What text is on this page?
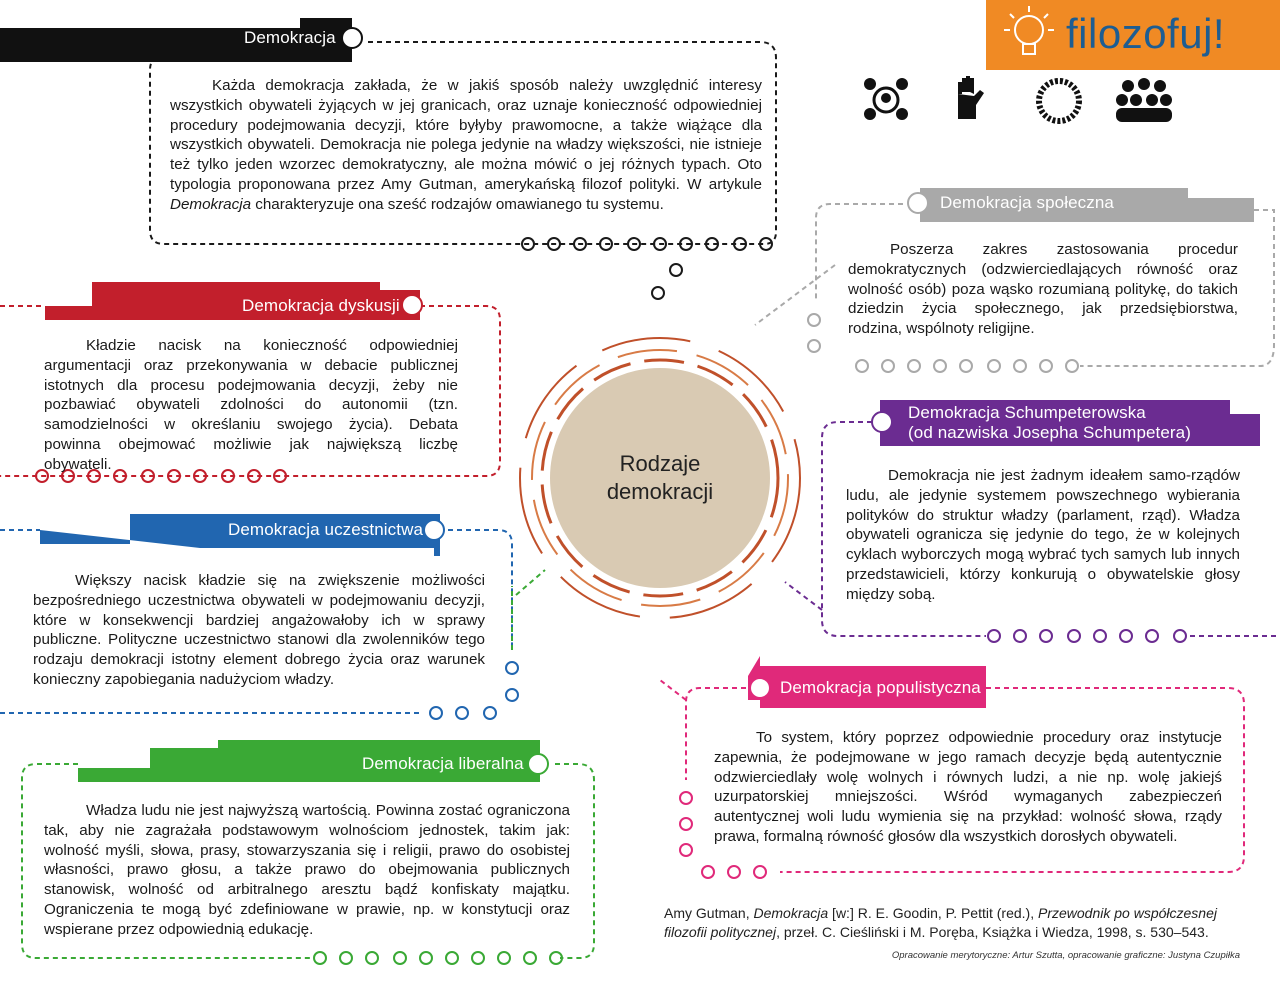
filozofuj!
Demokracja
Każda demokracja zakłada, że w jakiś sposób należy uwzględnić interesy wszystkich obywateli żyjących w jej granicach, oraz uznaje konieczność odpowiedniej procedury podejmowania decyzji, które byłyby prawomocne, a także wiążące dla wszystkich obywateli. Demokracja nie polega jedynie na władzy większości, nie istnieje też tylko jeden wzorzec demokratyczny, ale można mówić o jej różnych typach. Oto typologia proponowana przez Amy Gutman, amerykańską filozof polityki. W artykule Demokracja charakteryzuje ona sześć rodzajów omawianego tu systemu.
Demokracja dyskusji
Kładzie nacisk na konieczność odpowiedniej argumentacji oraz przekonywania w debacie publicznej istotnych dla procesu podejmowania decyzji, żeby nie pozbawiać obywateli zdolności do autonomii (tzn. samodzielności w określaniu swojego życia). Debata powinna obejmować możliwie jak największą liczbę obywateli.
Demokracja uczestnictwa
Większy nacisk kładzie się na zwiększenie możliwości bezpośredniego uczestnictwa obywateli w podejmowaniu decyzji, które w konsekwencji bardziej angażowałoby ich w sprawy publiczne. Polityczne uczestnictwo stanowi dla zwolenników tego rodzaju demokracji istotny element dobrego życia oraz warunek konieczny zapobiegania nadużyciom władzy.
Demokracja liberalna
Władza ludu nie jest najwyższą wartością. Powinna zostać ograniczona tak, aby nie zagrażała podstawowym wolnościom jednostek, takim jak: wolność myśli, słowa, prasy, stowarzyszania się i religii, prawo do osobistej własności, prawo głosu, a także prawo do obejmowania publicznych stanowisk, wolność od arbitralnego aresztu bądź konfiskaty majątku. Ograniczenia te mogą być zdefiniowane w prawie, np. w konstytucji oraz wspierane przez odpowiednią edukację.
Demokracja społeczna
Poszerza zakres zastosowania procedur demokratycznych (odzwierciedlających równość oraz wolność osób) poza wąsko rozumianą politykę, do takich dziedzin życia społecznego, jak przedsiębiorstwa, rodzina, wspólnoty religijne.
Demokracja Schumpeterowska
(od nazwiska Josepha Schumpetera)
Demokracja nie jest żadnym ideałem samo-rządów ludu, ale jedynie systemem powszechnego wybierania polityków do struktur władzy (parlament, rząd). Władza obywateli ogranicza się jedynie do tego, że w kolejnych cyklach wyborczych mogą wybrać tych samych lub innych przedstawicieli, którzy konkurują o obywatelskie głosy między sobą.
Demokracja populistyczna
To system, który poprzez odpowiednie procedury oraz instytucje zapewnia, że podejmowane w jego ramach decyzje będą autentycznie odzwierciedlały wolę wolnych i równych ludzi, a nie np. wolę jakiejś uzurpatorskiej mniejszości. Wśród wymaganych zabezpieczeń autentycznej woli ludu wymienia się na przykład: wolność słowa, rządy prawa, formalną równość głosów dla wszystkich dorosłych obywateli.
Rodzaje
demokracji
Amy Gutman, Demokracja [w:] R. E. Goodin, P. Pettit (red.), Przewodnik po współczesnej filozofii politycznej, przeł. C. Cieśliński i M. Poręba, Książka i Wiedza, 1998, s. 530–543.
Opracowanie merytoryczne: Artur Szutta, opracowanie graficzne: Justyna Czupiłka
